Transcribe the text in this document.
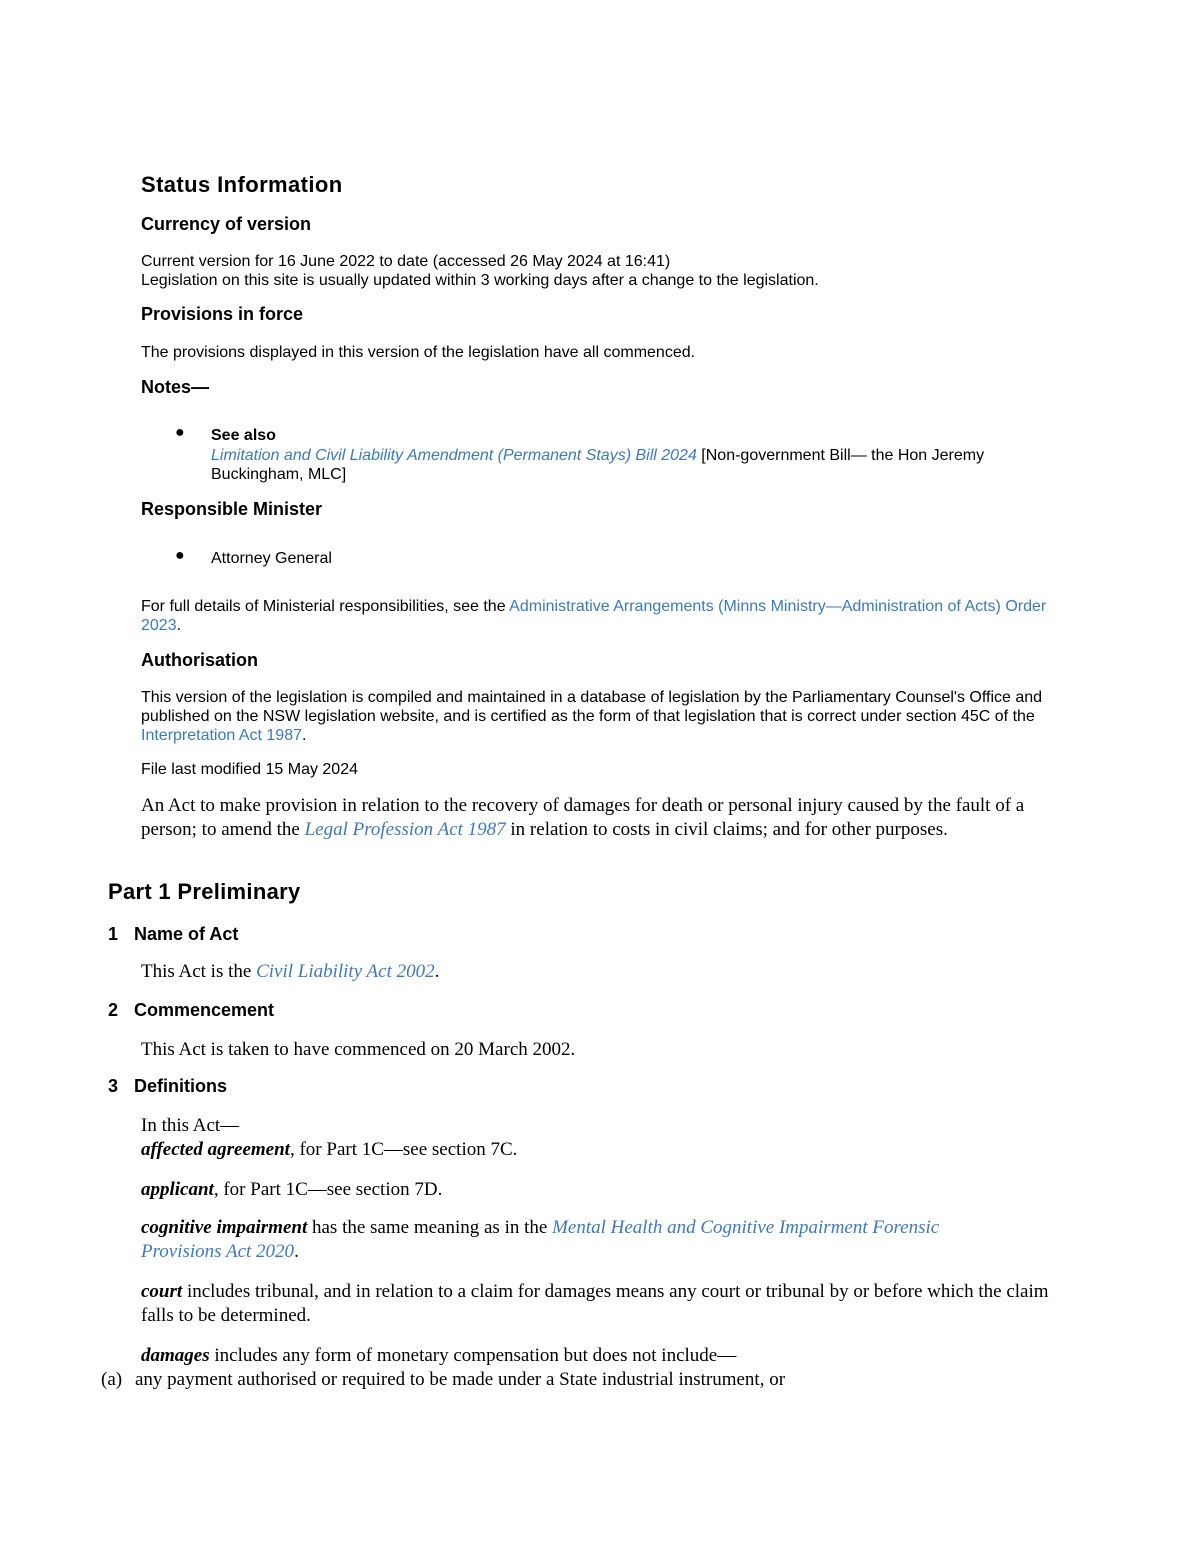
Status Information
Currency of version
Current version for 16 June 2022 to date (accessed 26 May 2024 at 16:41)
Legislation on this site is usually updated within 3 working days after a change to the legislation.
Provisions in force
The provisions displayed in this version of the legislation have all commenced.
Notes—
● See also
Limitation and Civil Liability Amendment (Permanent Stays) Bill 2024 [Non-government Bill— the Hon Jeremy Buckingham, MLC]
Responsible Minister
● Attorney General
For full details of Ministerial responsibilities, see the Administrative Arrangements (Minns Ministry—Administration of Acts) Order 2023.
Authorisation
This version of the legislation is compiled and maintained in a database of legislation by the Parliamentary Counsel's Office and published on the NSW legislation website, and is certified as the form of that legislation that is correct under section 45C of the Interpretation Act 1987.
File last modified 15 May 2024
An Act to make provision in relation to the recovery of damages for death or personal injury caused by the fault of a person; to amend the Legal Profession Act 1987 in relation to costs in civil claims; and for other purposes.
Part 1 Preliminary
1 Name of Act
This Act is the Civil Liability Act 2002.
2 Commencement
This Act is taken to have commenced on 20 March 2002.
3 Definitions
In this Act—
affected agreement, for Part 1C—see section 7C.
applicant, for Part 1C—see section 7D.
cognitive impairment has the same meaning as in the Mental Health and Cognitive Impairment Forensic Provisions Act 2020.
court includes tribunal, and in relation to a claim for damages means any court or tribunal by or before which the claim falls to be determined.
damages includes any form of monetary compensation but does not include—
(a) any payment authorised or required to be made under a State industrial instrument, or
